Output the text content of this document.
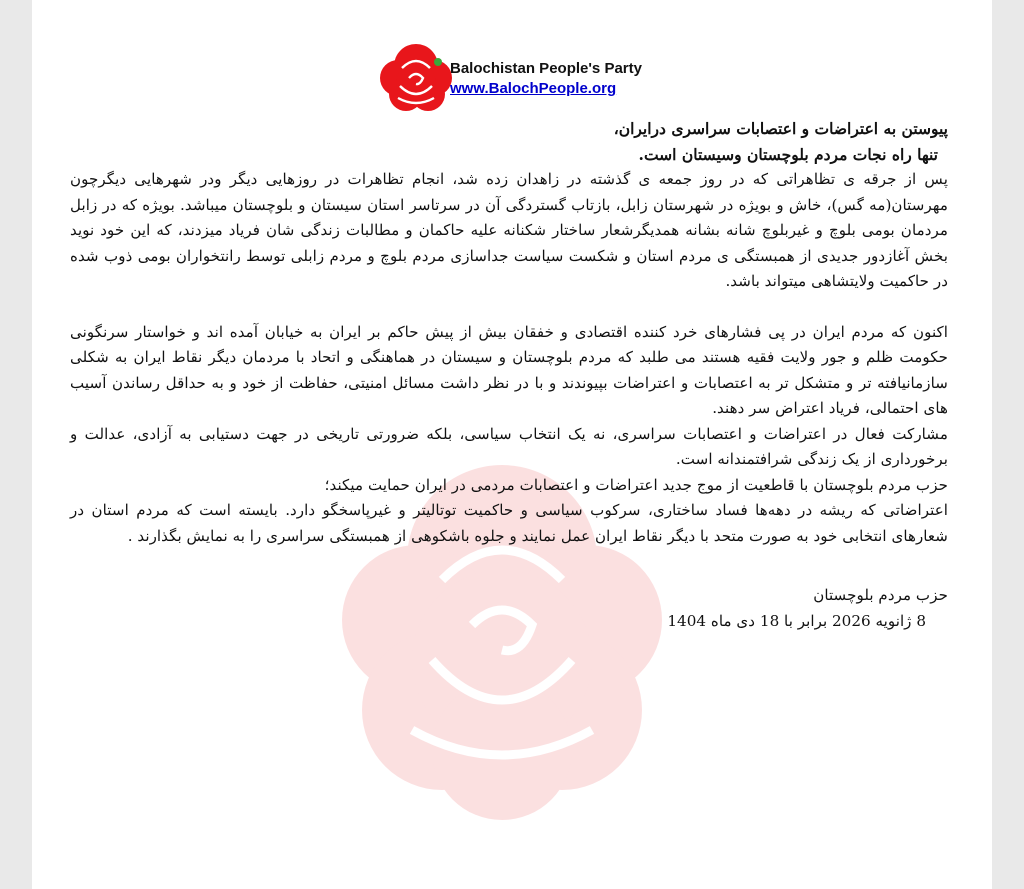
Balochistan People's Party
www.BalochPeople.org

پیوستن به اعتراضات و اعتصابات سراسری درایران،

تنها راه نجات مردم بلوچستان وسیستان است.

پس از جرقه ی تظاهراتی که در روز جمعه ی گذشته در زاهدان زده شد، انجام تظاهرات در روزهایی دیگر ودر شهرهایی دیگرچون مهرستان(مه گس)، خاش و بویژه در شهرستان زابل، بازتاب گستردگی آن در سرتاسر استان سیستان و بلوچستان میباشد. بویژه که در زابل مردمان بومی بلوچ و غیربلوچ شانه بشانه همدیگرشعار ساختار شکنانه علیه حاکمان و مطالبات زندگی شان فریاد میزدند، که این خود نوید بخش آغازدور جدیدی از همبستگی ی مردم استان و شکست سیاست جداسازی مردم بلوچ و مردم زابلی توسط رانتخواران بومی ذوب شده در حاکمیت ولایتشاهی میتواند باشد.

اکنون که مردم ایران در پی فشارهای خرد کننده اقتصادی و خفقان بیش از پیش حاکم بر ایران به خیابان آمده اند و خواستار سرنگونی حکومت ظلم و جور ولایت فقیه هستند می طلبد که مردم بلوچستان و سیستان در هماهنگی و اتحاد با مردمان دیگر نقاط ایران به شکلی سازمانیافته تر و متشکل تر به اعتصابات و اعتراضات بپیوندند و با در نظر داشت مسائل امنیتی، حفاظت از خود و به حداقل رساندن آسیب های احتمالی، فریاد اعتراض سر دهند.

مشارکت فعال در اعتراضات و اعتصابات سراسری، نه یک انتخاب سیاسی، بلکه ضرورتی تاریخی در جهت دستیابی به آزادی، عدالت و برخورداری از یک زندگی شرافتمندانه است.

حزب مردم بلوچستان با قاطعیت از موج جدید اعتراضات و اعتصابات مردمی در ایران حمایت میکند؛

اعتراضاتی که ریشه در دهه‌ها فساد ساختاری، سرکوب سیاسی و حاکمیت توتالیتر و غیرپاسخگو دارد. بایسته است که مردم استان در شعارهای انتخابی خود به صورت متحد با دیگر نقاط ایران عمل نمایند و جلوه باشکوهی از همبستگی سراسری را به نمایش بگذارند .

حزب مردم بلوچستان

8 ژانویه 2026 برابر با 18 دی ماه 1404
